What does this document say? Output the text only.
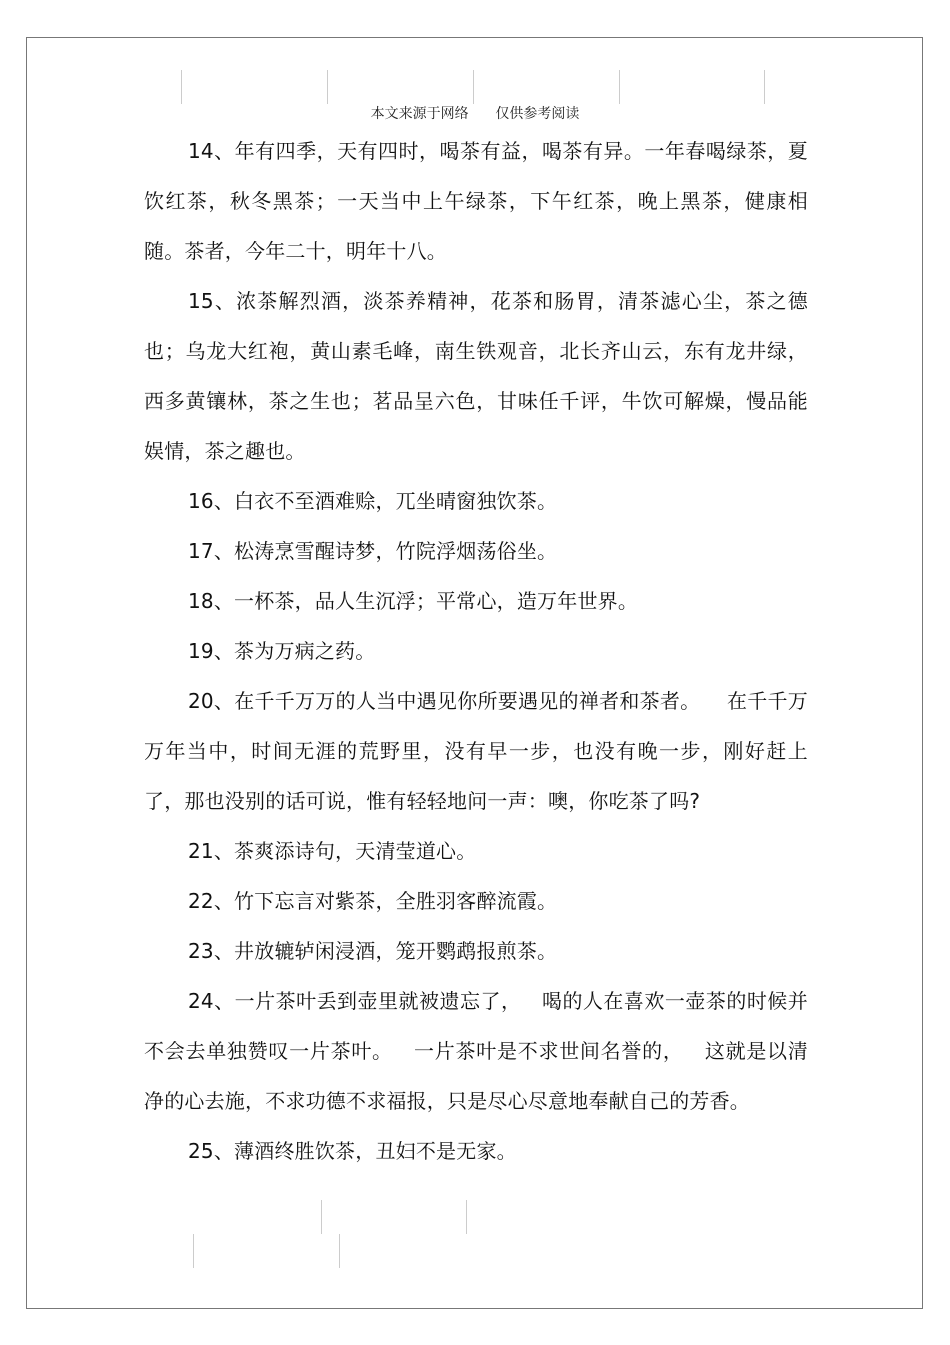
本文来源于网络      仅供参考阅读

14、年有四季，天有四时，喝茶有益，喝茶有异。一年春喝绿茶，夏饮红茶，秋冬黑茶；一天当中上午绿茶，下午红茶，晚上黑茶，健康相随。茶者，今年二十，明年十八。

15、浓茶解烈酒，淡茶养精神，花茶和肠胃，清茶滤心尘，茶之德也；乌龙大红袍，黄山素毛峰，南生铁观音，北长齐山云，东有龙井绿，西多黄镶林，茶之生也；茗品呈六色，甘味任千评，牛饮可解燥，慢品能娱情，茶之趣也。

16、白衣不至酒难赊，兀坐晴窗独饮茶。

17、松涛烹雪醒诗梦，竹院浮烟荡俗坐。

18、一杯茶，品人生沉浮；平常心，造万年世界。

19、茶为万病之药。

20、在千千万万的人当中遇见你所要遇见的禅者和茶者。    在千千万万年当中，时间无涯的荒野里，没有早一步，也没有晚一步，刚好赶上了，那也没别的话可说，惟有轻轻地问一声：噢，你吃茶了吗?

21、茶爽添诗句，天清莹道心。

22、竹下忘言对紫茶，全胜羽客醉流霞。

23、井放辘轳闲浸酒，笼开鹦鹉报煎茶。

24、一片茶叶丢到壶里就被遗忘了，   喝的人在喜欢一壶茶的时候并不会去单独赞叹一片茶叶。   一片茶叶是不求世间名誉的，   这就是以清净的心去施，不求功德不求福报，只是尽心尽意地奉献自己的芳香。

25、薄酒终胜饮茶，丑妇不是无家。
